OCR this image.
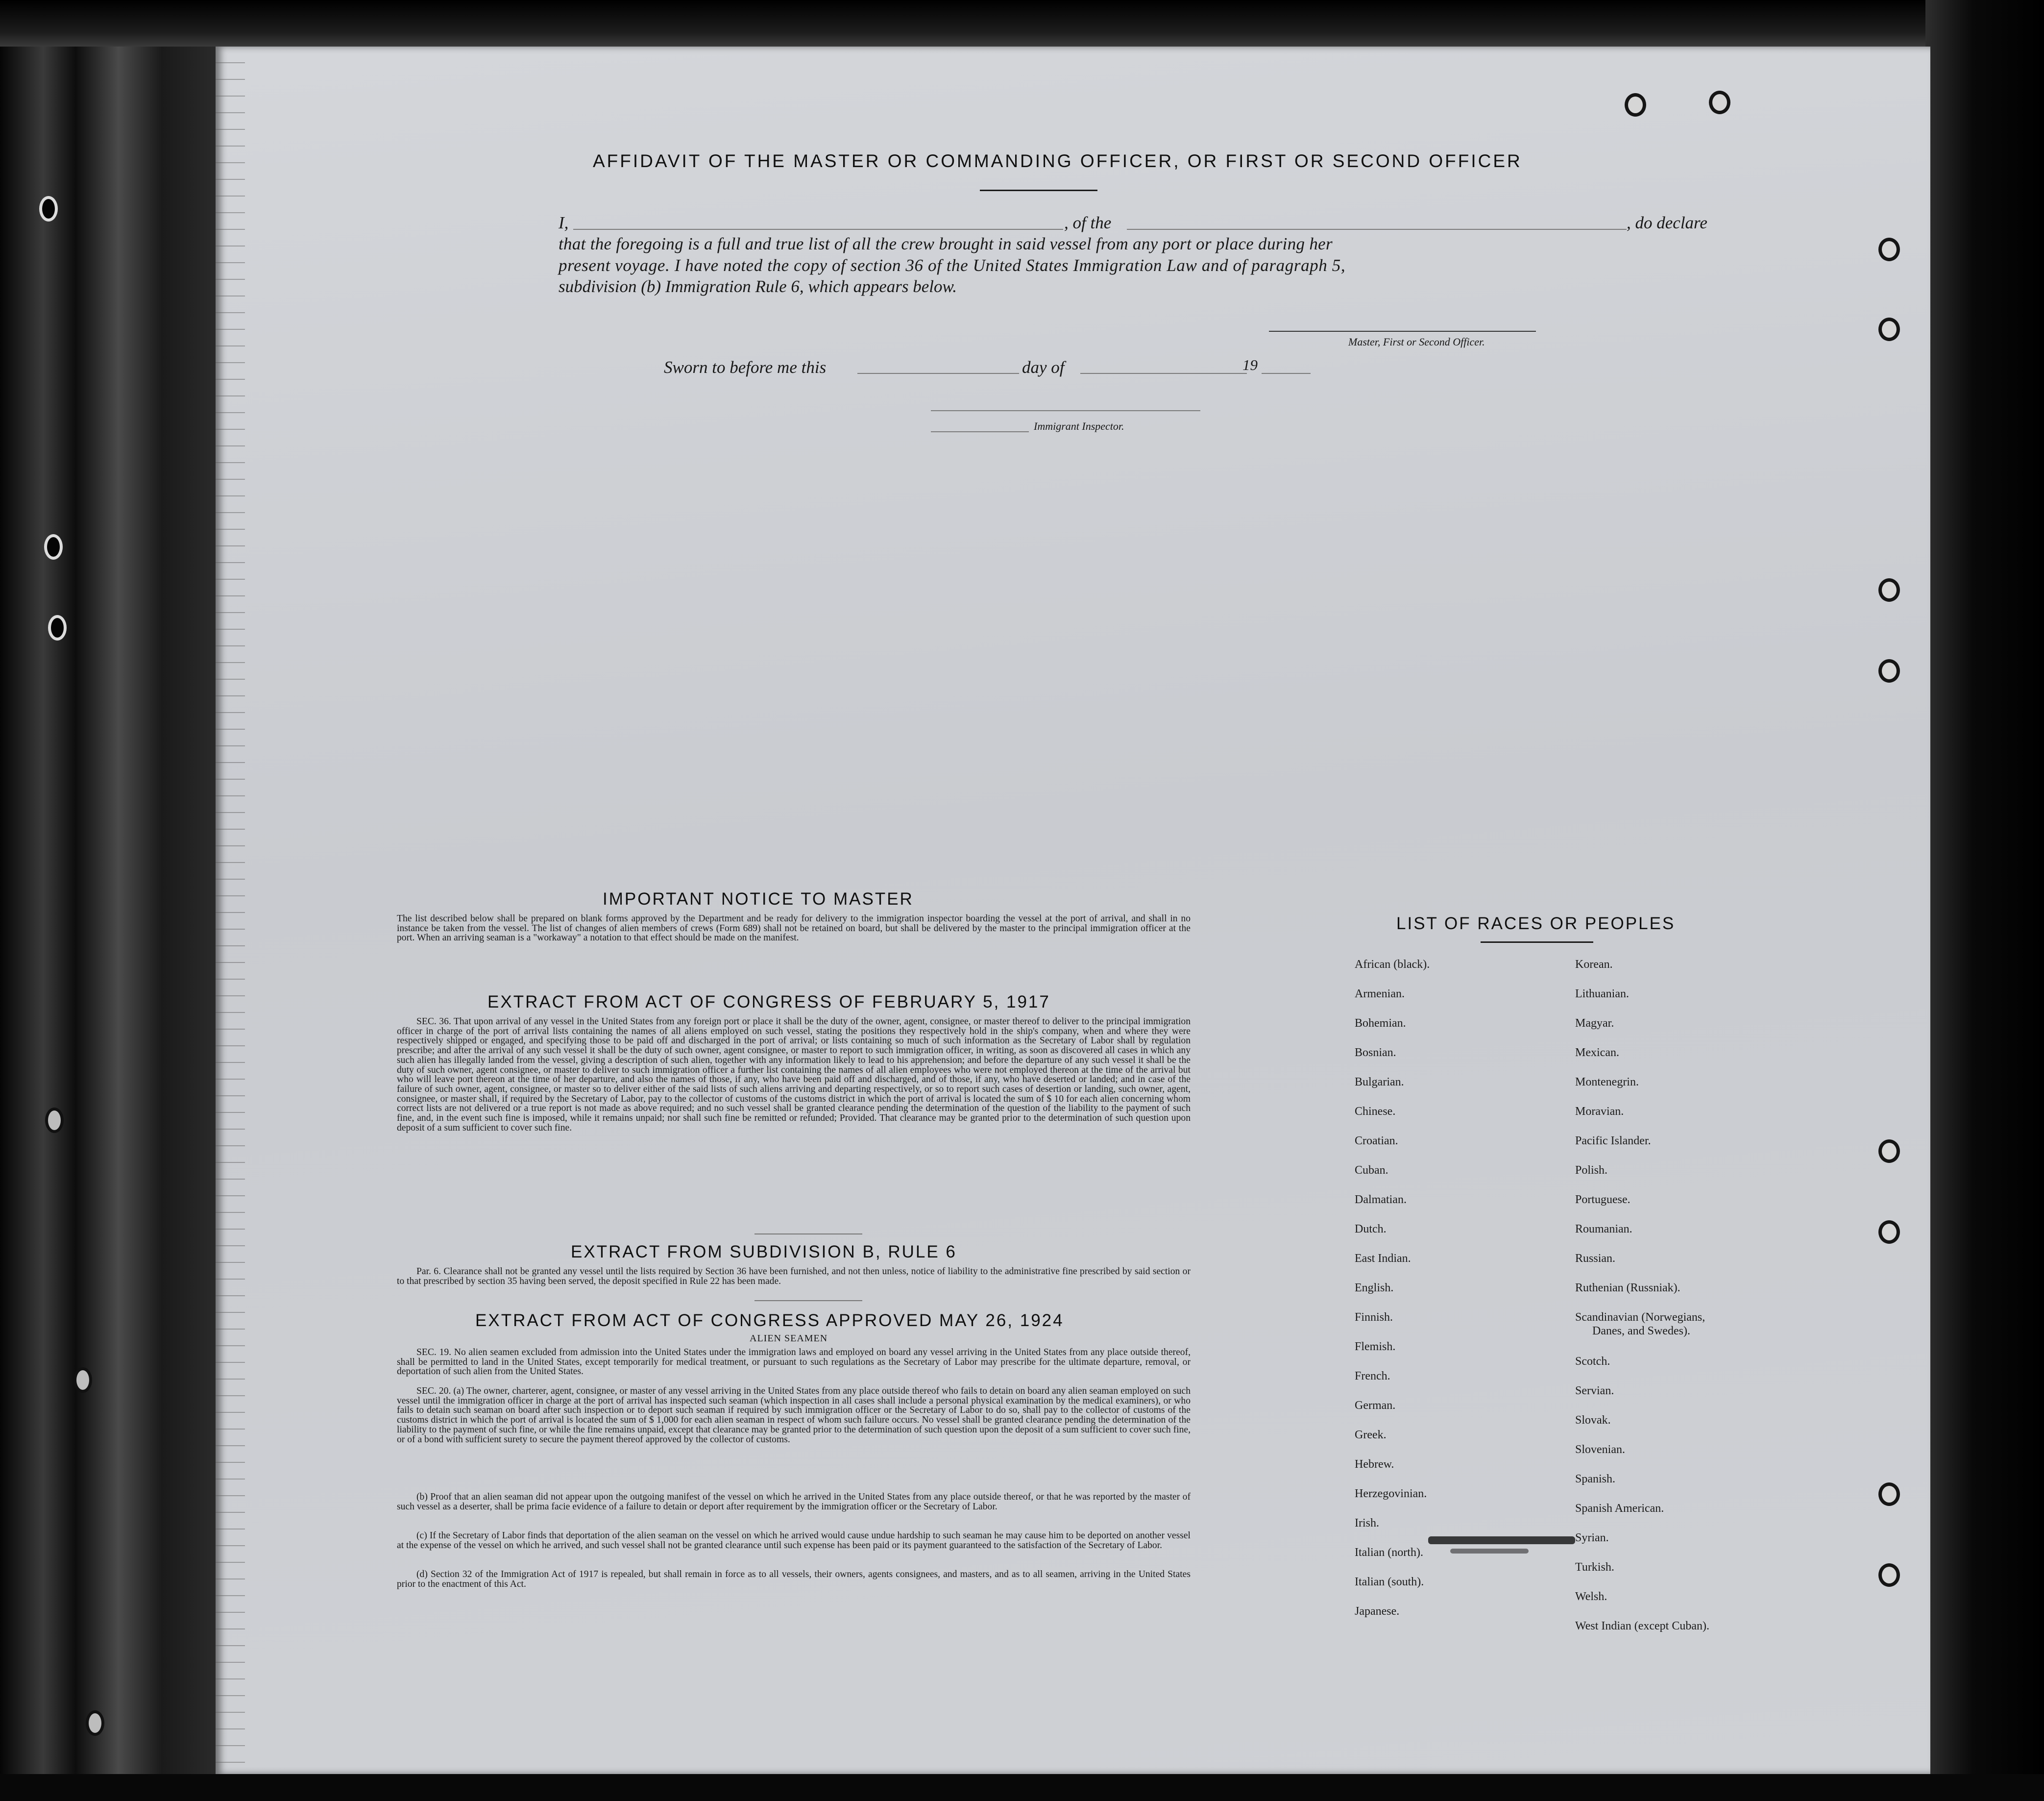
AFFIDAVIT OF THE MASTER OR COMMANDING OFFICER, OR FIRST OR SECOND OFFICER
I,	, of the	, do declare
that the foregoing is a full and true list of all the crew brought in said vessel from any port or place during her
present voyage. I have noted the copy of section 36 of the United States Immigration Law and of paragraph 5,
subdivision (b) Immigration Rule 6, which appears below.
Master, First or Second Officer.
Sworn to before me this	day of	19
Immigrant Inspector.
IMPORTANT NOTICE TO MASTER
The list described below shall be prepared on blank forms approved by the Department and be ready for delivery to the immigration inspector boarding the vessel at the port of arrival, and shall in no instance be taken from the vessel. The list of changes of alien members of crews (Form 689) shall not be retained on board, but shall be delivered by the master to the principal immigration officer at the port. When an arriving seaman is a "workaway" a notation to that effect should be made on the manifest.
EXTRACT FROM ACT OF CONGRESS OF FEBRUARY 5, 1917
SEC. 36. That upon arrival of any vessel in the United States from any foreign port or place it shall be the duty of the owner, agent, consignee, or master thereof to deliver to the principal immigration officer in charge of the port of arrival lists containing the names of all aliens employed on such vessel, stating the positions they respectively hold in the ship's company, when and where they were respectively shipped or engaged, and specifying those to be paid off and discharged in the port of arrival; or lists containing so much of such information as the Secretary of Labor shall by regulation prescribe; and after the arrival of any such vessel it shall be the duty of such owner, agent consignee, or master to report to such immigration officer, in writing, as soon as discovered all cases in which any such alien has illegally landed from the vessel, giving a description of such alien, together with any information likely to lead to his apprehension; and before the departure of any such vessel it shall be the duty of such owner, agent consignee, or master to deliver to such immigration officer a further list containing the names of all alien employees who were not employed thereon at the time of the arrival but who will leave port thereon at the time of her departure, and also the names of those, if any, who have been paid off and discharged, and of those, if any, who have deserted or landed; and in case of the failure of such owner, agent, consignee, or master so to deliver either of the said lists of such aliens arriving and departing respectively, or so to report such cases of desertion or landing, such owner, agent, consignee, or master shall, if required by the Secretary of Labor, pay to the collector of customs of the customs district in which the port of arrival is located the sum of $ 10 for each alien concerning whom correct lists are not delivered or a true report is not made as above required; and no such vessel shall be granted clearance pending the determination of the question of the liability to the payment of such fine, and, in the event such fine is imposed, while it remains unpaid; nor shall such fine be remitted or refunded; Provided. That clearance may be granted prior to the determination of such question upon deposit of a sum sufficient to cover such fine.
EXTRACT FROM SUBDIVISION B, RULE 6
Par. 6. Clearance shall not be granted any vessel until the lists required by Section 36 have been furnished, and not then unless, notice of liability to the administrative fine prescribed by said section or to that prescribed by section 35 having been served, the deposit specified in Rule 22 has been made.
EXTRACT FROM ACT OF CONGRESS APPROVED MAY 26, 1924
ALIEN SEAMEN
SEC. 19. No alien seamen excluded from admission into the United States under the immigration laws and employed on board any vessel arriving in the United States from any place outside thereof, shall be permitted to land in the United States, except temporarily for medical treatment, or pursuant to such regulations as the Secretary of Labor may prescribe for the ultimate departure, removal, or deportation of such alien from the United States.
SEC. 20. (a) The owner, charterer, agent, consignee, or master of any vessel arriving in the United States from any place outside thereof who fails to detain on board any alien seaman employed on such vessel until the immigration officer in charge at the port of arrival has inspected such seaman (which inspection in all cases shall include a personal physical examination by the medical examiners), or who fails to detain such seaman on board after such inspection or to deport such seaman if required by such immigration officer or the Secretary of Labor to do so, shall pay to the collector of customs of the customs district in which the port of arrival is located the sum of $ 1,000 for each alien seaman in respect of whom such failure occurs. No vessel shall be granted clearance pending the determination of the liability to the payment of such fine, or while the fine remains unpaid, except that clearance may be granted prior to the determination of such question upon the deposit of a sum sufficient to cover such fine, or of a bond with sufficient surety to secure the payment thereof approved by the collector of customs.
(b) Proof that an alien seaman did not appear upon the outgoing manifest of the vessel on which he arrived in the United States from any place outside thereof, or that he was reported by the master of such vessel as a deserter, shall be prima facie evidence of a failure to detain or deport after requirement by the immigration officer or the Secretary of Labor.
(c) If the Secretary of Labor finds that deportation of the alien seaman on the vessel on which he arrived would cause undue hardship to such seaman he may cause him to be deported on another vessel at the expense of the vessel on which he arrived, and such vessel shall not be granted clearance until such expense has been paid or its payment guaranteed to the satisfaction of the Secretary of Labor.
(d) Section 32 of the Immigration Act of 1917 is repealed, but shall remain in force as to all vessels, their owners, agents consignees, and masters, and as to all seamen, arriving in the United States prior to the enactment of this Act.
LIST OF RACES OR PEOPLES
African (black).
Armenian.
Bohemian.
Bosnian.
Bulgarian.
Chinese.
Croatian.
Cuban.
Dalmatian.
Dutch.
East Indian.
English.
Finnish.
Flemish.
French.
German.
Greek.
Hebrew.
Herzegovinian.
Irish.
Italian (north).
Italian (south).
Japanese.
Korean.
Lithuanian.
Magyar.
Mexican.
Montenegrin.
Moravian.
Pacific Islander.
Polish.
Portuguese.
Roumanian.
Russian.
Ruthenian (Russniak).
Scandinavian (Norwegians,
Danes, and Swedes).
Scotch.
Servian.
Slovak.
Slovenian.
Spanish.
Spanish American.
Syrian.
Turkish.
Welsh.
West Indian (except Cuban).
